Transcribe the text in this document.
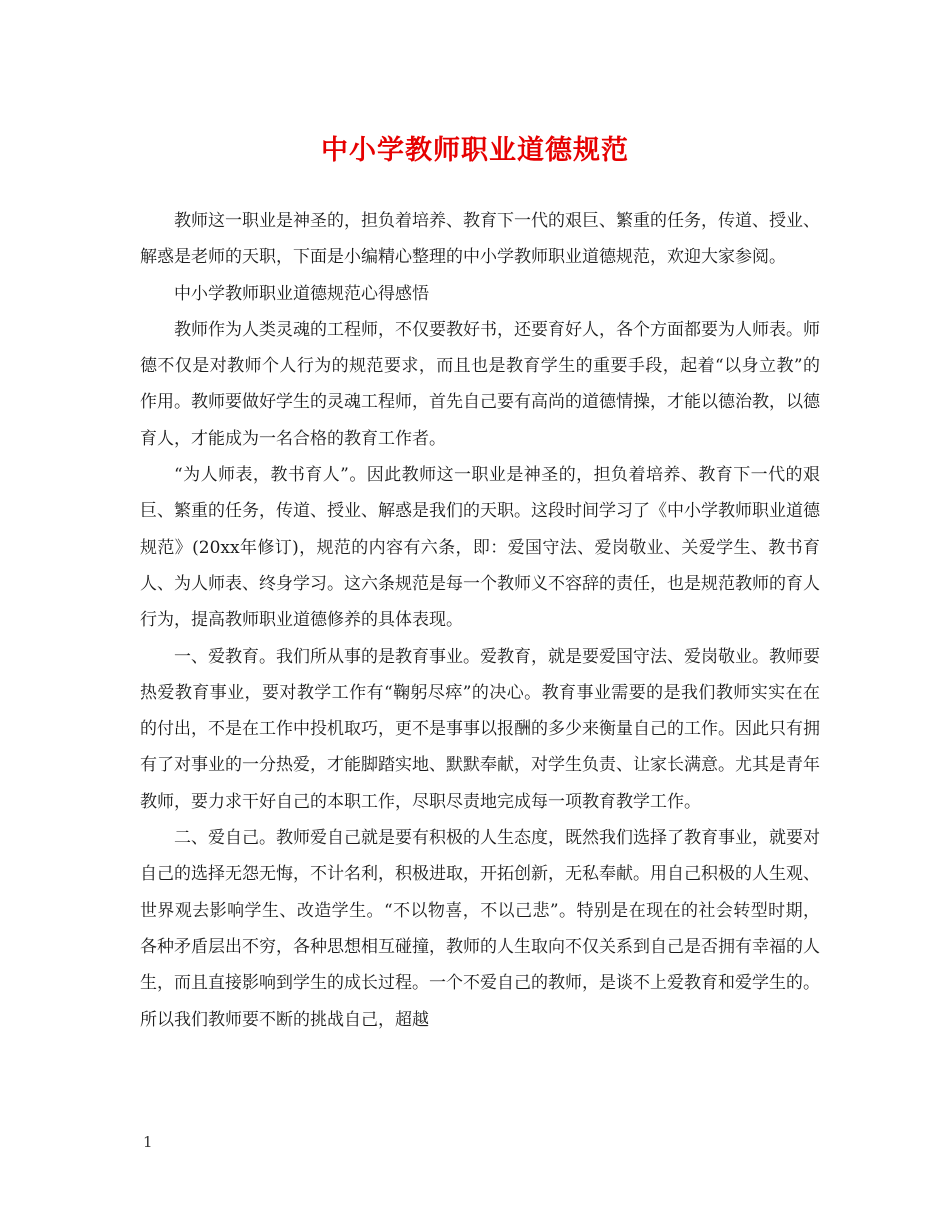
中小学教师职业道德规范

教师这一职业是神圣的，担负着培养、教育下一代的艰巨、繁重的任务，传道、授业、解惑是老师的天职，下面是小编精心整理的中小学教师职业道德规范，欢迎大家参阅。

中小学教师职业道德规范心得感悟

教师作为人类灵魂的工程师，不仅要教好书，还要育好人，各个方面都要为人师表。师德不仅是对教师个人行为的规范要求，而且也是教育学生的重要手段，起着“以身立教”的作用。教师要做好学生的灵魂工程师，首先自己要有高尚的道德情操，才能以德治教，以德育人，才能成为一名合格的教育工作者。

“为人师表，教书育人”。因此教师这一职业是神圣的，担负着培养、教育下一代的艰巨、繁重的任务，传道、授业、解惑是我们的天职。这段时间学习了《中小学教师职业道德规范》(20xx年修订)，规范的内容有六条，即：爱国守法、爱岗敬业、关爱学生、教书育人、为人师表、终身学习。这六条规范是每一个教师义不容辞的责任，也是规范教师的育人行为，提高教师职业道德修养的具体表现。

一、爱教育。我们所从事的是教育事业。爱教育，就是要爱国守法、爱岗敬业。教师要热爱教育事业，要对教学工作有“鞠躬尽瘁”的决心。教育事业需要的是我们教师实实在在的付出，不是在工作中投机取巧，更不是事事以报酬的多少来衡量自己的工作。因此只有拥有了对事业的一分热爱，才能脚踏实地、默默奉献，对学生负责、让家长满意。尤其是青年教师，要力求干好自己的本职工作，尽职尽责地完成每一项教育教学工作。

二、爱自己。教师爱自己就是要有积极的人生态度，既然我们选择了教育事业，就要对自己的选择无怨无悔，不计名利，积极进取，开拓创新，无私奉献。用自己积极的人生观、世界观去影响学生、改造学生。“不以物喜，不以己悲”。特别是在现在的社会转型时期，各种矛盾层出不穷，各种思想相互碰撞，教师的人生取向不仅关系到自己是否拥有幸福的人生，而且直接影响到学生的成长过程。一个不爱自己的教师，是谈不上爱教育和爱学生的。所以我们教师要不断的挑战自己，超越

1
